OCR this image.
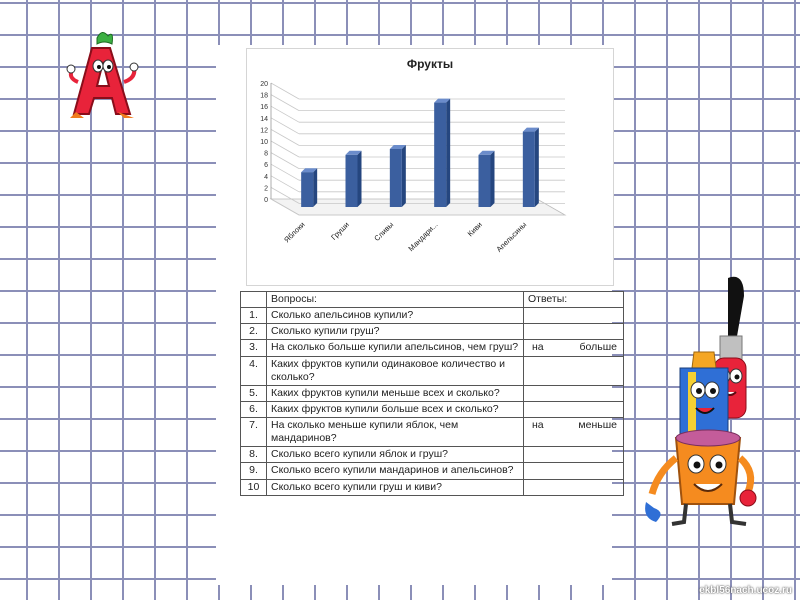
Фрукты
0
2
4
6
8
10
12
14
16
18
20
Яблоки	Груши	Сливы Мандари...	Киви Апельсины
	Вопросы:	Ответы:
1.	Сколько апельсинов купили?	

2.	Сколько купили груш?	

3.	На сколько больше купили апельсинов, чем груш?	на больше

4.	Каких фруктов купили одинаковое количество и сколько?	

5.	Каких фруктов купили меньше всех и сколько?	

6.	Каких фруктов купили больше всех и сколько?	

7.	На сколько меньше купили яблок, чем мандаринов?	на меньше

8.	Сколько всего купили яблок и груш?	

9.	Сколько всего купили мандаринов и апельсинов?	

10	Сколько всего купили груш и киви?	
ekbl56nach.ucoz.ru
